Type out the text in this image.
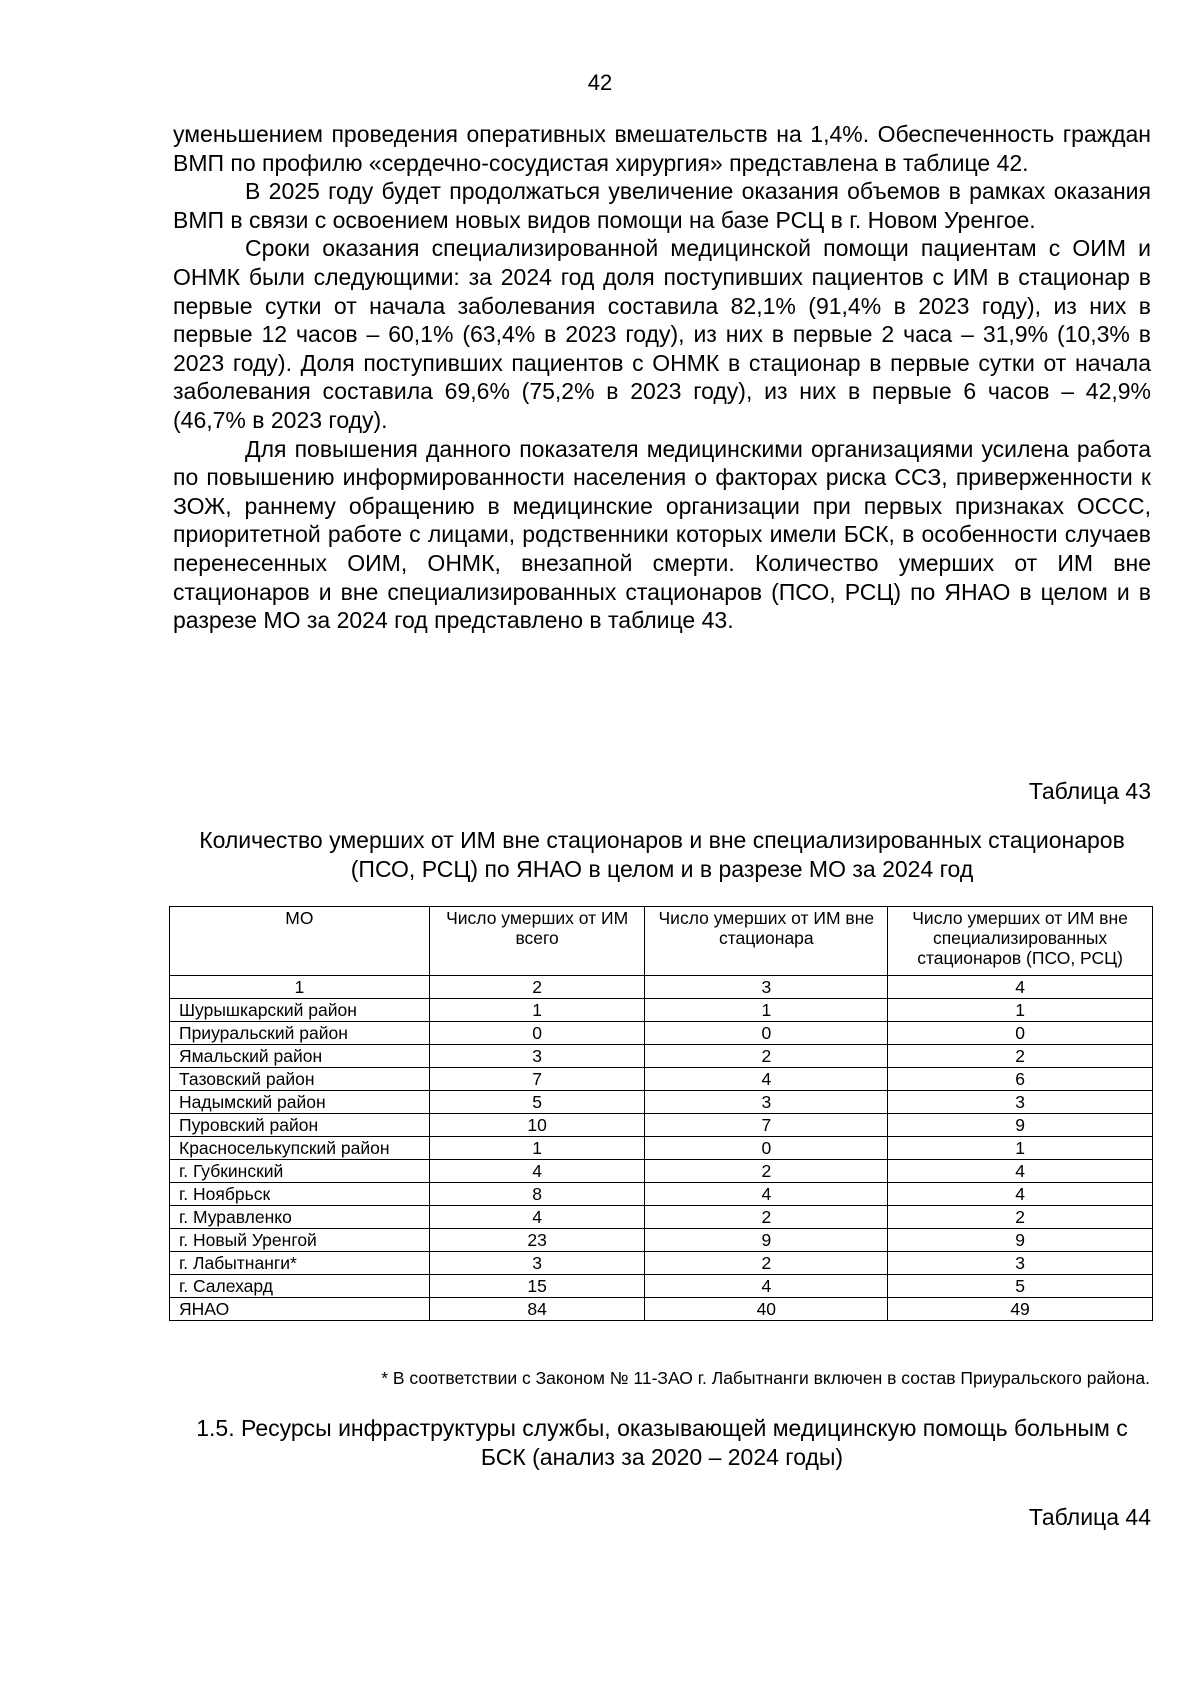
42

уменьшением проведения оперативных вмешательств на 1,4%. Обеспеченность граждан ВМП по профилю «сердечно-сосудистая хирургия» представлена в таблице 42.

В 2025 году будет продолжаться увеличение оказания объемов в рамках оказания ВМП в связи с освоением новых видов помощи на базе РСЦ в г. Новом Уренгое.

Сроки оказания специализированной медицинской помощи пациентам с ОИМ и ОНМК были следующими: за 2024 год доля поступивших пациентов с ИМ в стационар в первые сутки от начала заболевания составила 82,1% (91,4% в 2023 году), из них в первые 12 часов – 60,1% (63,4% в 2023 году), из них в первые 2 часа – 31,9% (10,3% в 2023 году). Доля поступивших пациентов с ОНМК в стационар в первые сутки от начала заболевания составила 69,6% (75,2% в 2023 году), из них в первые 6 часов – 42,9% (46,7% в 2023 году).

Для повышения данного показателя медицинскими организациями усилена работа по повышению информированности населения о факторах риска ССЗ, приверженности к ЗОЖ, раннему обращению в медицинские организации при первых признаках ОССС, приоритетной работе с лицами, родственники которых имели БСК, в особенности случаев перенесенных ОИМ, ОНМК, внезапной смерти. Количество умерших от ИМ вне стационаров и вне специализированных стационаров (ПСО, РСЦ) по ЯНАО в целом и в разрезе МО за 2024 год представлено в таблице 43.

Таблица 43
Количество умерших от ИМ вне стационаров и вне специализированных стационаров (ПСО, РСЦ) по ЯНАО в целом и в разрезе МО за 2024 год
МО	Число умерших от ИМ всего	Число умерших от ИМ вне стационара	Число умерших от ИМ вне специализированных стационаров (ПСО, РСЦ)
1	2	3	4
Шурышкарский район	1	1	1
Приуральский район	0	0	0
Ямальский район	3	2	2
Тазовский район	7	4	6
Надымский район	5	3	3
Пуровский район	10	7	9
Красноселькупский район	1	0	1
г. Губкинский	4	2	4
г. Ноябрьск	8	4	4
г. Муравленко	4	2	2
г. Новый Уренгой	23	9	9
г. Лабытнанги*	3	2	3
г. Салехард	15	4	5
ЯНАО	84	40	49
* В соответствии с Законом № 11-ЗАО г. Лабытнанги включен в состав Приуральского района.
1.5. Ресурсы инфраструктуры службы, оказывающей медицинскую помощь больным с БСК (анализ за 2020 – 2024 годы)
Таблица 44
